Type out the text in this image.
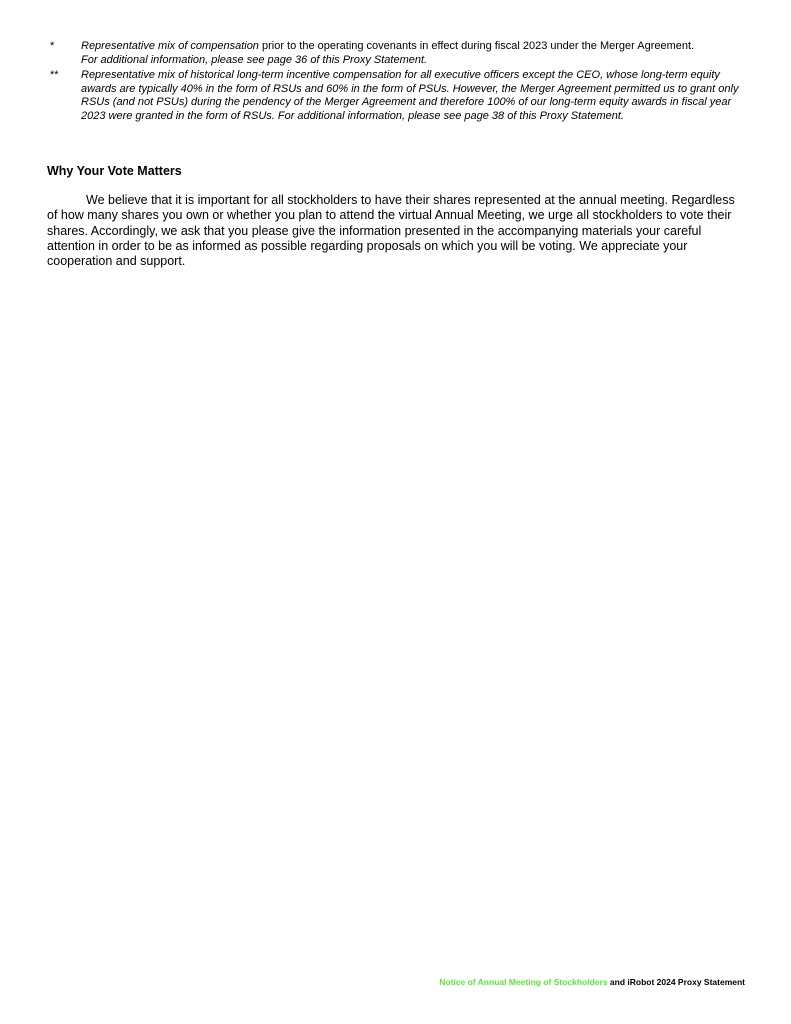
*	Representative mix of compensation prior to the operating covenants in effect during fiscal 2023 under the Merger Agreement.
For additional information, please see page 36 of this Proxy Statement.
**	Representative mix of historical long-term incentive compensation for all executive officers except the CEO, whose long-term equity awards are typically 40% in the form of RSUs and 60% in the form of PSUs. However, the Merger Agreement permitted us to grant only RSUs (and not PSUs) during the pendency of the Merger Agreement and therefore 100% of our long-term equity awards in fiscal year 2023 were granted in the form of RSUs. For additional information, please see page 38 of this Proxy Statement.
Why Your Vote Matters

We believe that it is important for all stockholders to have their shares represented at the annual meeting. Regardless of how many shares you own or whether you plan to attend the virtual Annual Meeting, we urge all stockholders to vote their shares. Accordingly, we ask that you please give the information presented in the accompanying materials your careful attention in order to be as informed as possible regarding proposals on which you will be voting. We appreciate your cooperation and support.

Notice of Annual Meeting of Stockholders and iRobot 2024 Proxy Statement
